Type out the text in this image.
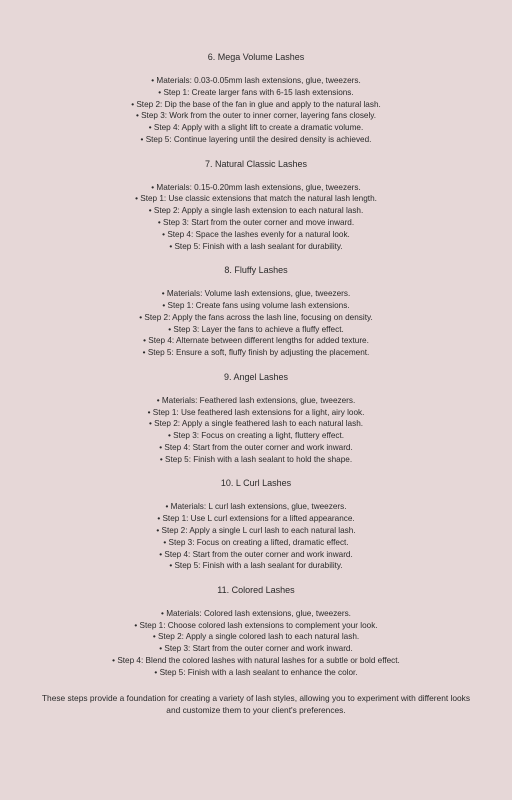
6. Mega Volume Lashes

• Materials: 0.03-0.05mm lash extensions, glue, tweezers.

• Step 1: Create larger fans with 6-15 lash extensions.

• Step 2: Dip the base of the fan in glue and apply to the natural lash.

• Step 3: Work from the outer to inner corner, layering fans closely.

• Step 4: Apply with a slight lift to create a dramatic volume.

• Step 5: Continue layering until the desired density is achieved.

7. Natural Classic Lashes

• Materials: 0.15-0.20mm lash extensions, glue, tweezers.

• Step 1: Use classic extensions that match the natural lash length.

• Step 2: Apply a single lash extension to each natural lash.

• Step 3: Start from the outer corner and move inward.

• Step 4: Space the lashes evenly for a natural look.

• Step 5: Finish with a lash sealant for durability.

8. Fluffy Lashes

• Materials: Volume lash extensions, glue, tweezers.

• Step 1: Create fans using volume lash extensions.

• Step 2: Apply the fans across the lash line, focusing on density.

• Step 3: Layer the fans to achieve a fluffy effect.

• Step 4: Alternate between different lengths for added texture.

• Step 5: Ensure a soft, fluffy finish by adjusting the placement.

9. Angel Lashes

• Materials: Feathered lash extensions, glue, tweezers.

• Step 1: Use feathered lash extensions for a light, airy look.

• Step 2: Apply a single feathered lash to each natural lash.

• Step 3: Focus on creating a light, fluttery effect.

• Step 4: Start from the outer corner and work inward.

• Step 5: Finish with a lash sealant to hold the shape.

10. L Curl Lashes

• Materials: L curl lash extensions, glue, tweezers.

• Step 1: Use L curl extensions for a lifted appearance.

• Step 2: Apply a single L curl lash to each natural lash.

• Step 3: Focus on creating a lifted, dramatic effect.

• Step 4: Start from the outer corner and work inward.

• Step 5: Finish with a lash sealant for durability.

11. Colored Lashes

• Materials: Colored lash extensions, glue, tweezers.

• Step 1: Choose colored lash extensions to complement your look.

• Step 2: Apply a single colored lash to each natural lash.

• Step 3: Start from the outer corner and work inward.

• Step 4: Blend the colored lashes with natural lashes for a subtle or bold effect.

• Step 5: Finish with a lash sealant to enhance the color.

These steps provide a foundation for creating a variety of lash styles, allowing you to experiment with different looks and customize them to your client's preferences.
